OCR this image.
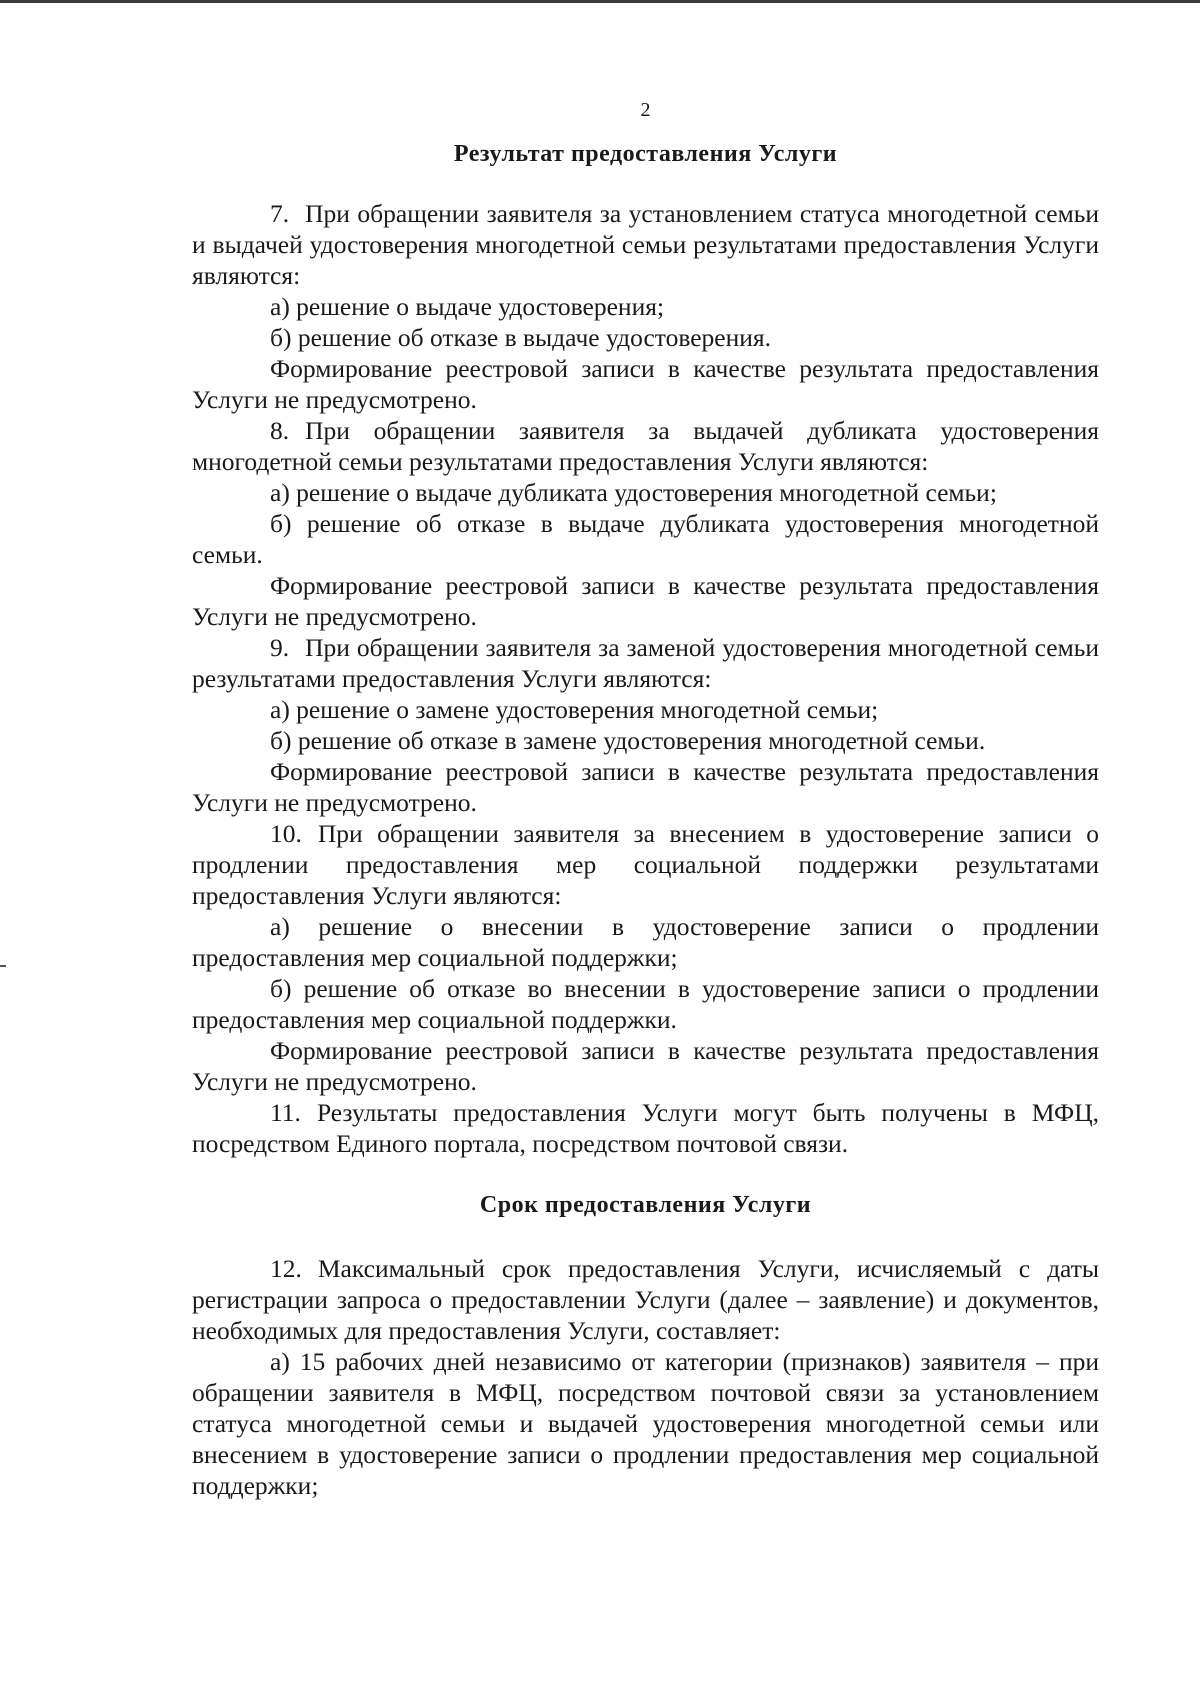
2
Результат предоставления Услуги

7. При обращении заявителя за установлением статуса многодетной семьи и выдачей удостоверения многодетной семьи результатами предоставления Услуги являются:

а) решение о выдаче удостоверения;

б) решение об отказе в выдаче удостоверения.

Формирование реестровой записи в качестве результата предоставления Услуги не предусмотрено.

8. При обращении заявителя за выдачей дубликата удостоверения многодетной семьи результатами предоставления Услуги являются:

а) решение о выдаче дубликата удостоверения многодетной семьи;

б) решение об отказе в выдаче дубликата удостоверения многодетной семьи.

Формирование реестровой записи в качестве результата предоставления Услуги не предусмотрено.

9. При обращении заявителя за заменой удостоверения многодетной семьи результатами предоставления Услуги являются:

а) решение о замене удостоверения многодетной семьи;

б) решение об отказе в замене удостоверения многодетной семьи.

Формирование реестровой записи в качестве результата предоставления Услуги не предусмотрено.

10. При обращении заявителя за внесением в удостоверение записи о продлении предоставления мер социальной поддержки результатами предоставления Услуги являются:

а) решение о внесении в удостоверение записи о продлении предоставления мер социальной поддержки;

б) решение об отказе во внесении в удостоверение записи о продлении предоставления мер социальной поддержки.

Формирование реестровой записи в качестве результата предоставления Услуги не предусмотрено.

11. Результаты предоставления Услуги могут быть получены в МФЦ, посредством Единого портала, посредством почтовой связи.

Срок предоставления Услуги

12. Максимальный срок предоставления Услуги, исчисляемый с даты регистрации запроса о предоставлении Услуги (далее – заявление) и документов, необходимых для предоставления Услуги, составляет:

а) 15 рабочих дней независимо от категории (признаков) заявителя – при обращении заявителя в МФЦ, посредством почтовой связи за установлением статуса многодетной семьи и выдачей удостоверения многодетной семьи или внесением в удостоверение записи о продлении предоставления мер социальной поддержки;
